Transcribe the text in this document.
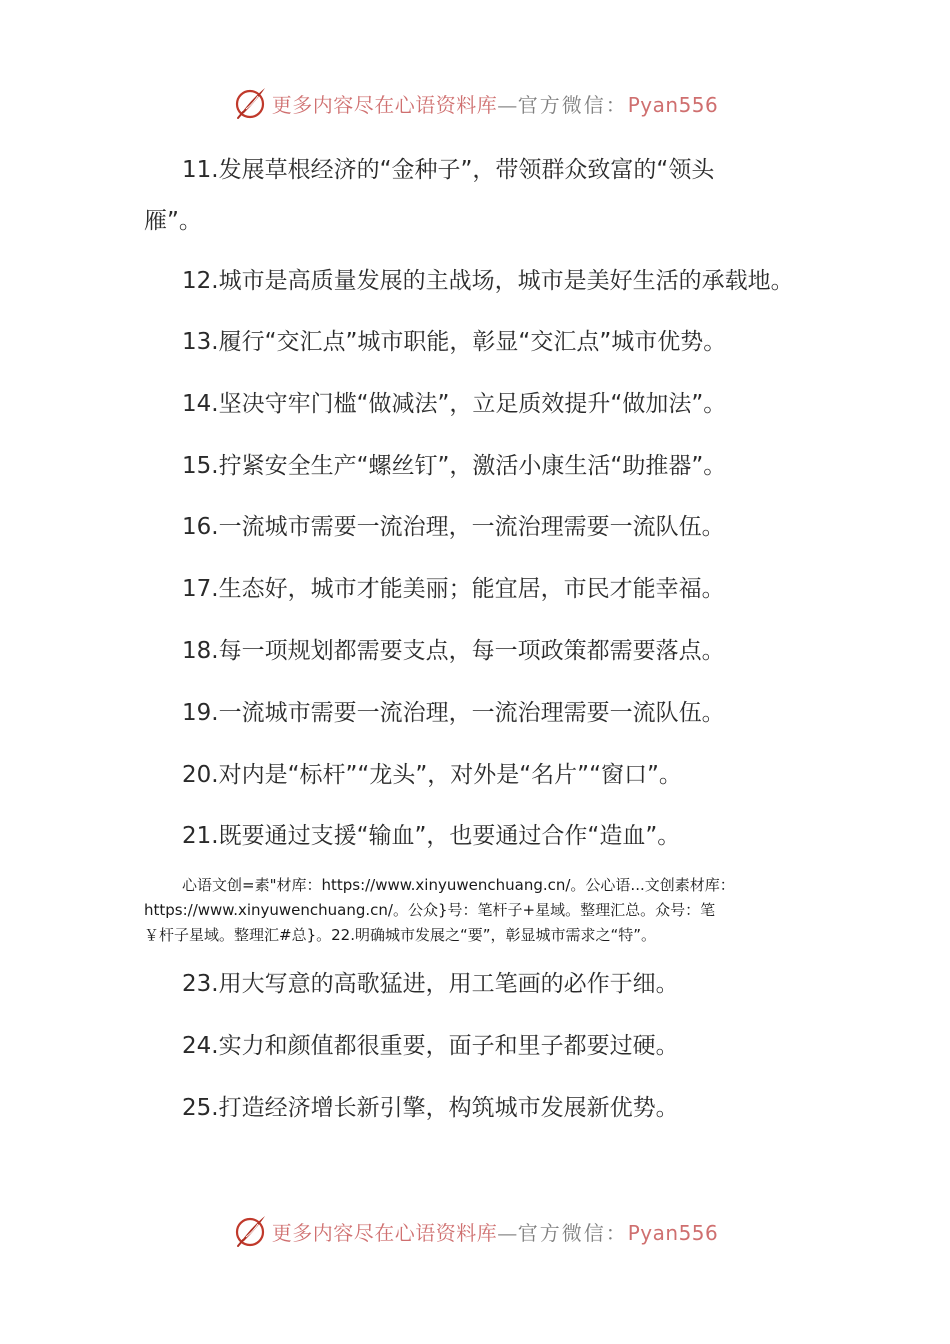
更多内容尽在心语资料库—官方微信：Pyan556
11.发展草根经济的“金种子”，带领群众致富的“领头
雁”。
12.城市是高质量发展的主战场，城市是美好生活的承载地。
13.履行“交汇点”城市职能，彰显“交汇点”城市优势。
14.坚决守牢门槛“做减法”，立足质效提升“做加法”。
15.拧紧安全生产“螺丝钉”，激活小康生活“助推器”。
16.一流城市需要一流治理，一流治理需要一流队伍。
17.生态好，城市才能美丽；能宜居，市民才能幸福。
18.每一项规划都需要支点，每一项政策都需要落点。
19.一流城市需要一流治理，一流治理需要一流队伍。
20.对内是“标杆”“龙头”，对外是“名片”“窗口”。
21.既要通过支援“输血”，也要通过合作“造血”。
心语文创=素"材库：https://www.xinyuwenchuang.cn/。公心语...文创素材库：
https://www.xinyuwenchuang.cn/。公众}号：笔杆子+星域。整理汇总。众号：笔
￥杆子星域。整理汇#总}。22.明确城市发展之“要”，彰显城市需求之“特”。
23.用大写意的高歌猛进，用工笔画的必作于细。
24.实力和颜值都很重要，面子和里子都要过硬。
25.打造经济增长新引擎，构筑城市发展新优势。
更多内容尽在心语资料库—官方微信：Pyan556
